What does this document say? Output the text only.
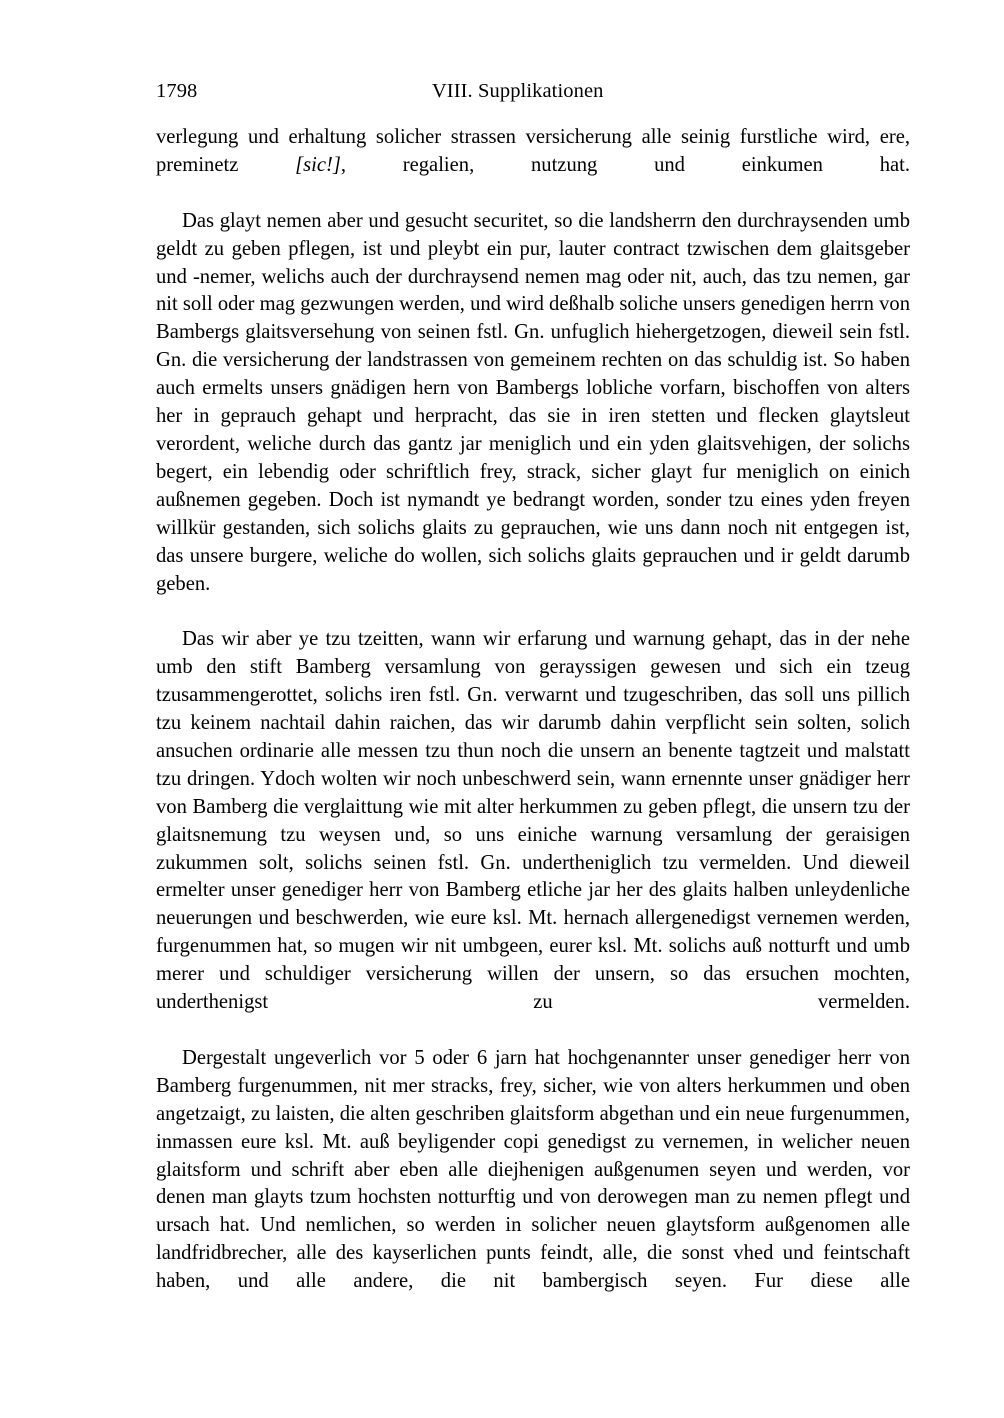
1798	VIII. Supplikationen

verlegung und erhaltung solicher strassen versicherung alle seinig furstliche wird, ere, preminetz [sic!], regalien, nutzung und einkumen hat.

Das glayt nemen aber und gesucht securitet, so die landsherrn den durchraysenden umb geldt zu geben pflegen, ist und pleybt ein pur, lauter contract tzwischen dem glaitsgeber und -nemer, welichs auch der durchraysend nemen mag oder nit, auch, das tzu nemen, gar nit soll oder mag gezwungen werden, und wird deßhalb soliche unsers genedigen herrn von Bambergs glaitsversehung von seinen fstl. Gn. unfuglich hiehergetzogen, dieweil sein fstl. Gn. die versicherung der landstrassen von gemeinem rechten on das schuldig ist. So haben auch ermelts unsers gnädigen hern von Bambergs lobliche vorfarn, bischoffen von alters her in geprauch gehapt und herpracht, das sie in iren stetten und flecken glaytsleut verordent, weliche durch das gantz jar meniglich und ein yden glaitsvehigen, der solichs begert, ein lebendig oder schriftlich frey, strack, sicher glayt fur meniglich on einich außnemen gegeben. Doch ist nymandt ye bedrangt worden, sonder tzu eines yden freyen willkür gestanden, sich solichs glaits zu geprauchen, wie uns dann noch nit entgegen ist, das unsere burgere, weliche do wollen, sich solichs glaits geprauchen und ir geldt darumb geben.

Das wir aber ye tzu tzeitten, wann wir erfarung und warnung gehapt, das in der nehe umb den stift Bamberg versamlung von gerayssigen gewesen und sich ein tzeug tzusammengerottet, solichs iren fstl. Gn. verwarnt und tzugeschriben, das soll uns pillich tzu keinem nachtail dahin raichen, das wir darumb dahin verpflicht sein solten, solich ansuchen ordinarie alle messen tzu thun noch die unsern an benente tagtzeit und malstatt tzu dringen. Ydoch wolten wir noch unbeschwerd sein, wann ernennte unser gnädiger herr von Bamberg die verglaittung wie mit alter herkummen zu geben pflegt, die unsern tzu der glaitsnemung tzu weysen und, so uns einiche warnung versamlung der geraisigen zukummen solt, solichs seinen fstl. Gn. undertheniglich tzu vermelden. Und dieweil ermelter unser genediger herr von Bamberg etliche jar her des glaits halben unleydenliche neuerungen und beschwerden, wie eure ksl. Mt. hernach allergenedigst vernemen werden, furgenummen hat, so mugen wir nit umbgeen, eurer ksl. Mt. solichs auß notturft und umb merer und schuldiger versicherung willen der unsern, so das ersuchen mochten, underthenigst zu vermelden.

Dergestalt ungeverlich vor 5 oder 6 jarn hat hochgenannter unser genediger herr von Bamberg furgenummen, nit mer stracks, frey, sicher, wie von alters herkummen und oben angetzaigt, zu laisten, die alten geschriben glaitsform abgethan und ein neue furgenummen, inmassen eure ksl. Mt. auß beyligender copi genedigst zu vernemen, in welicher neuen glaitsform und schrift aber eben alle diejhenigen außgenumen seyen und werden, vor denen man glayts tzum hochsten notturftig und von derowegen man zu nemen pflegt und ursach hat. Und nemlichen, so werden in solicher neuen glaytsform außgenomen alle landfridbrecher, alle des kayserlichen punts feindt, alle, die sonst vhed und feintschaft haben, und alle andere, die nit bambergisch seyen. Fur diese alle
